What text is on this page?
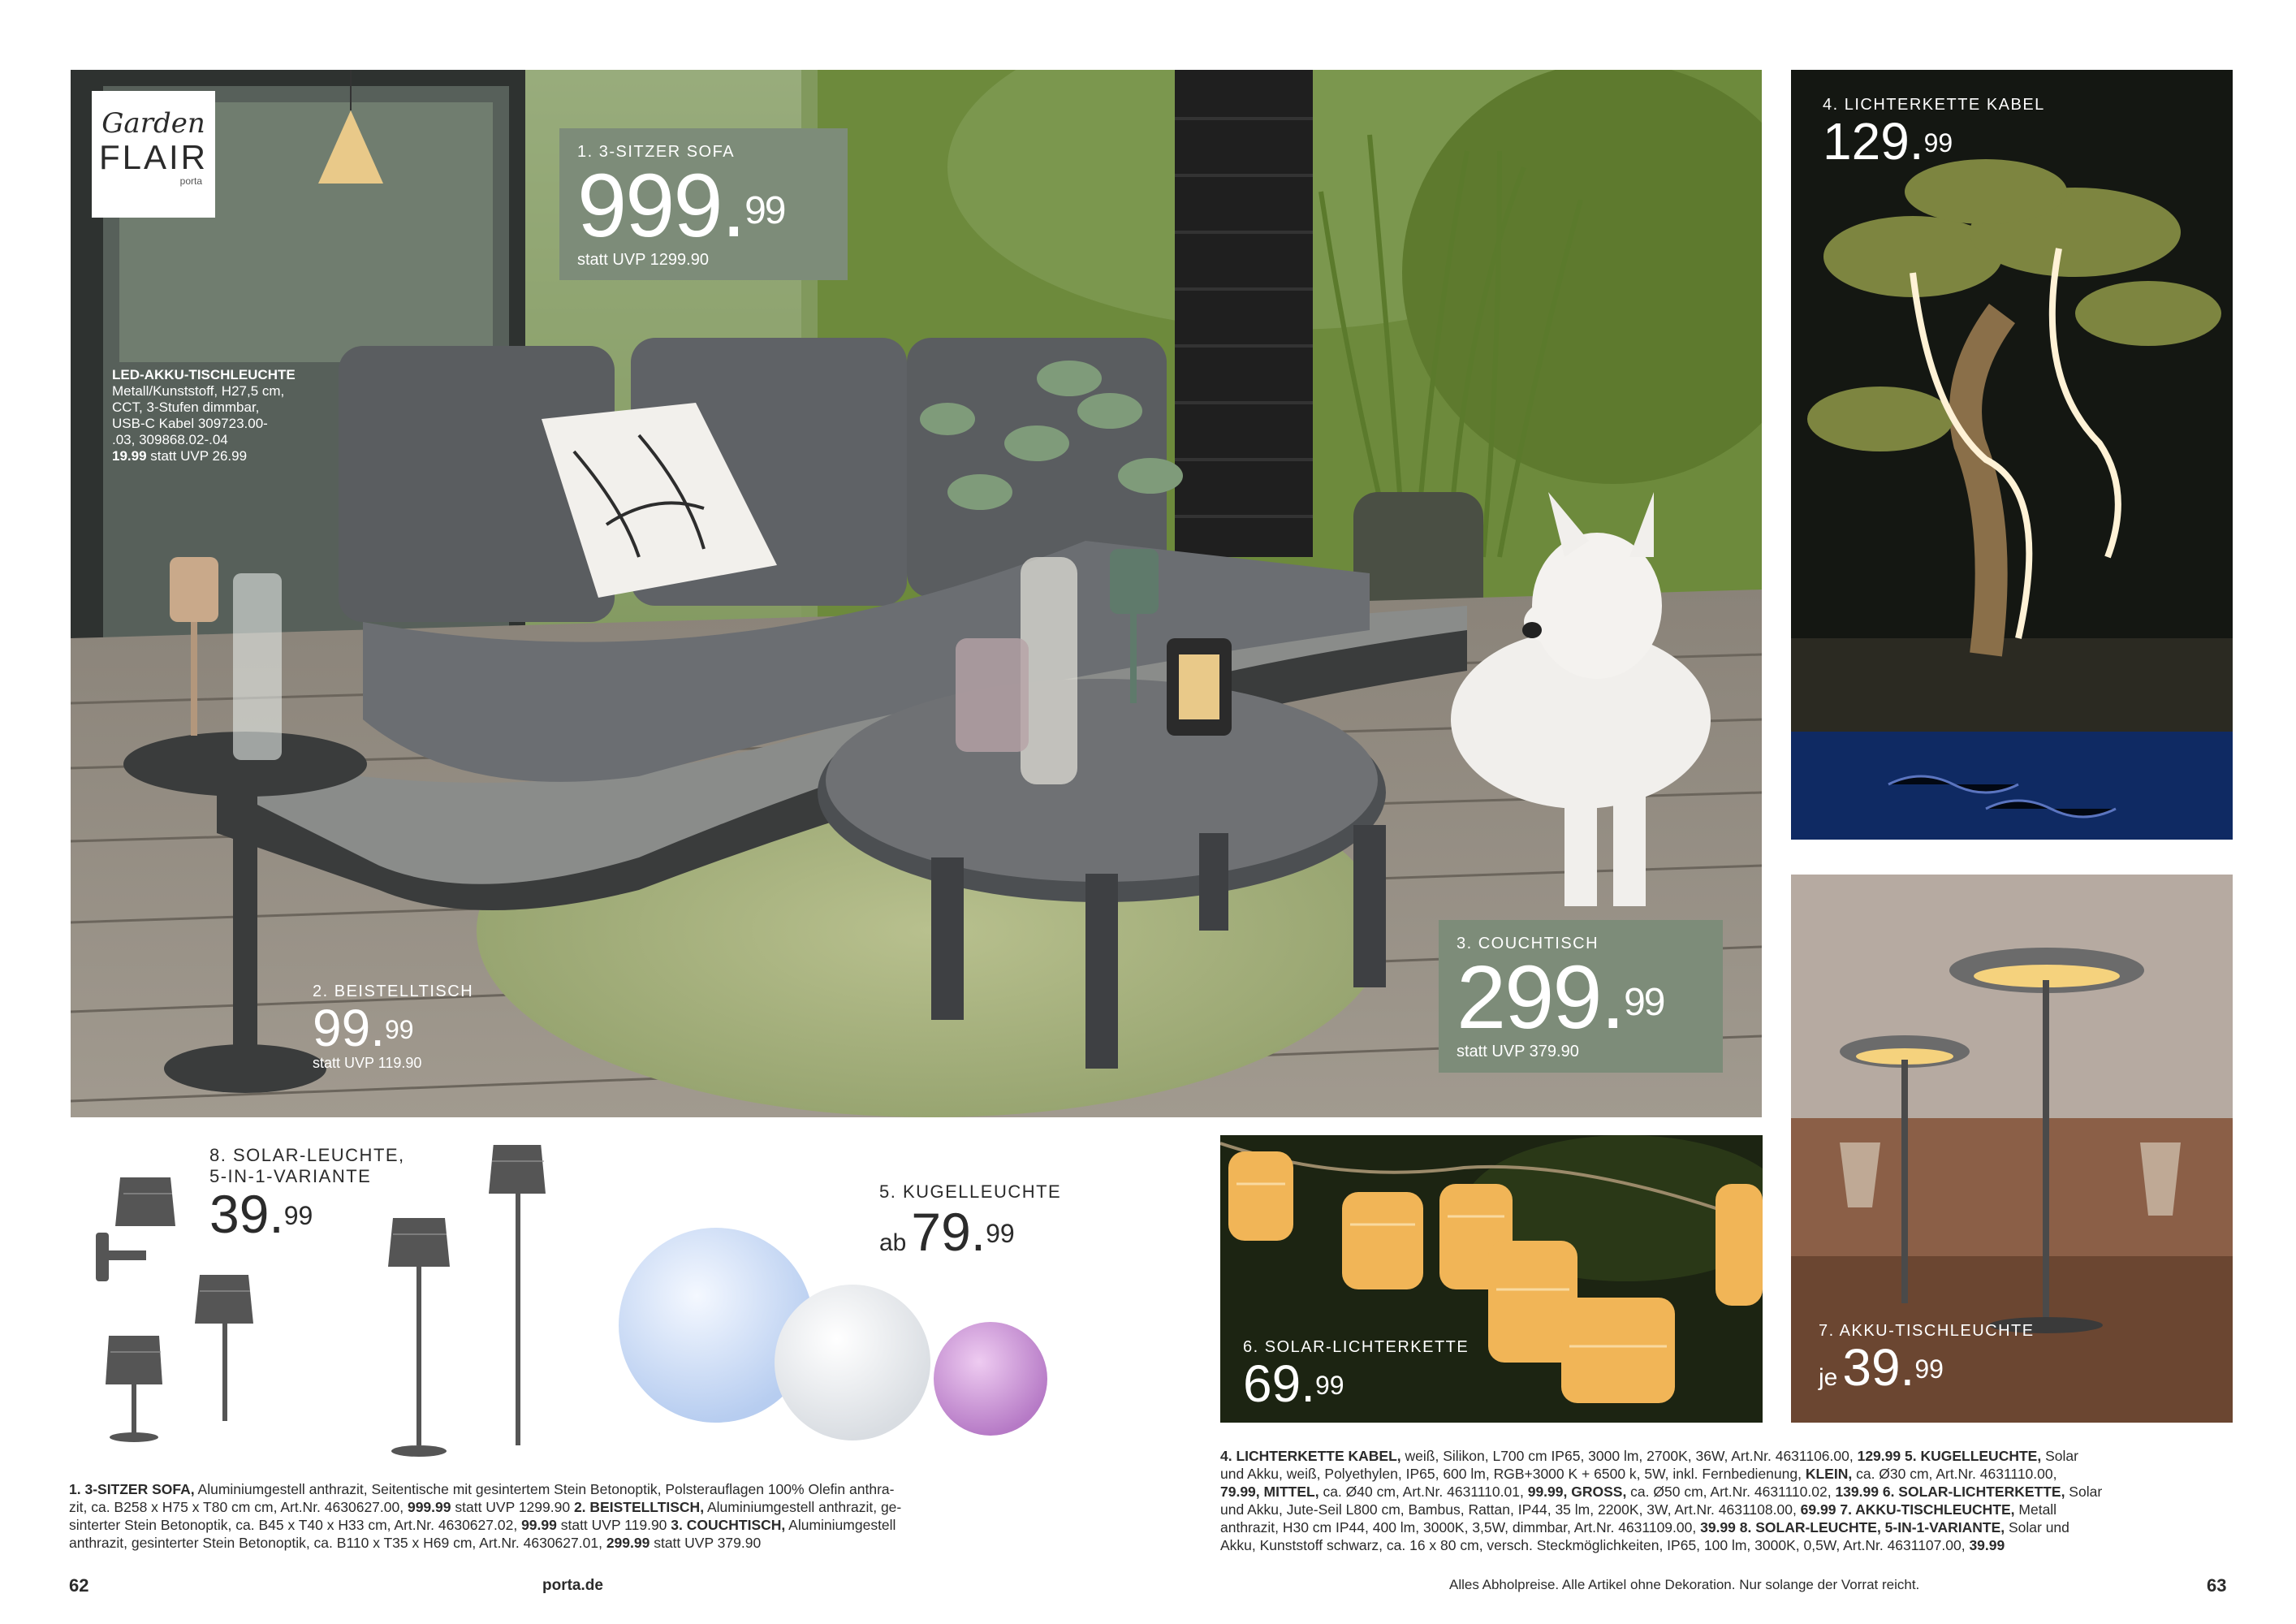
Garden
FLAIR
porta
1. 3-SITZER SOFA
999.99
statt UVP 1299.90
LED-AKKU-TISCHLEUCHTE
Metall/Kunststoff, H27,5 cm,
CCT, 3-Stufen dimmbar,
USB-C Kabel 309723.00-
.03, 309868.02-.04
19.99 statt UVP 26.99
2. BEISTELLTISCH
99.99
statt UVP 119.90
3. COUCHTISCH
299.99
statt UVP 379.90
4. LICHTERKETTE KABEL
129.99
7. AKKU-TISCHLEUCHTE
je39.99
6. SOLAR-LICHTERKETTE
69.99
8. SOLAR-LEUCHTE,
5-IN-1-VARIANTE
39.99
5. KUGELLEUCHTE
ab79.99
1. 3-SITZER SOFA, Aluminiumgestell anthrazit, Seitentische mit gesintertem Stein Betonoptik, Polsterauflagen 100% Olefin anthra-
zit, ca. B258 x H75 x T80 cm cm, Art.Nr. 4630627.00, 999.99 statt UVP 1299.90 2. BEISTELLTISCH, Aluminiumgestell anthrazit, ge-
sinterter Stein Betonoptik, ca. B45 x T40 x H33 cm, Art.Nr. 4630627.02, 99.99 statt UVP 119.90 3. COUCHTISCH, Aluminiumgestell
anthrazit, gesinterter Stein Betonoptik, ca. B110 x T35 x H69 cm, Art.Nr. 4630627.01, 299.99 statt UVP 379.90
4. LICHTERKETTE KABEL, weiß, Silikon, L700 cm IP65, 3000 lm, 2700K, 36W, Art.Nr. 4631106.00, 129.99 5. KUGELLEUCHTE, Solar
und Akku, weiß, Polyethylen, IP65, 600 lm, RGB+3000 K + 6500 k, 5W, inkl. Fernbedienung, KLEIN, ca. Ø30 cm, Art.Nr. 4631110.00,
79.99, MITTEL, ca. Ø40 cm, Art.Nr. 4631110.01, 99.99, GROSS, ca. Ø50 cm, Art.Nr. 4631110.02, 139.99 6. SOLAR-LICHTERKETTE, Solar
und Akku, Jute-Seil L800 cm, Bambus, Rattan, IP44, 35 lm, 2200K, 3W, Art.Nr. 4631108.00, 69.99 7. AKKU-TISCHLEUCHTE, Metall
anthrazit, H30 cm IP44, 400 lm, 3000K, 3,5W, dimmbar, Art.Nr. 4631109.00, 39.99 8. SOLAR-LEUCHTE, 5-IN-1-VARIANTE, Solar und
Akku, Kunststoff schwarz, ca. 16 x 80 cm, versch. Steckmöglichkeiten, IP65, 100 lm, 3000K, 0,5W, Art.Nr. 4631107.00, 39.99
62	porta.de	Alles Abholpreise. Alle Artikel ohne Dekoration. Nur solange der Vorrat reicht.	63
